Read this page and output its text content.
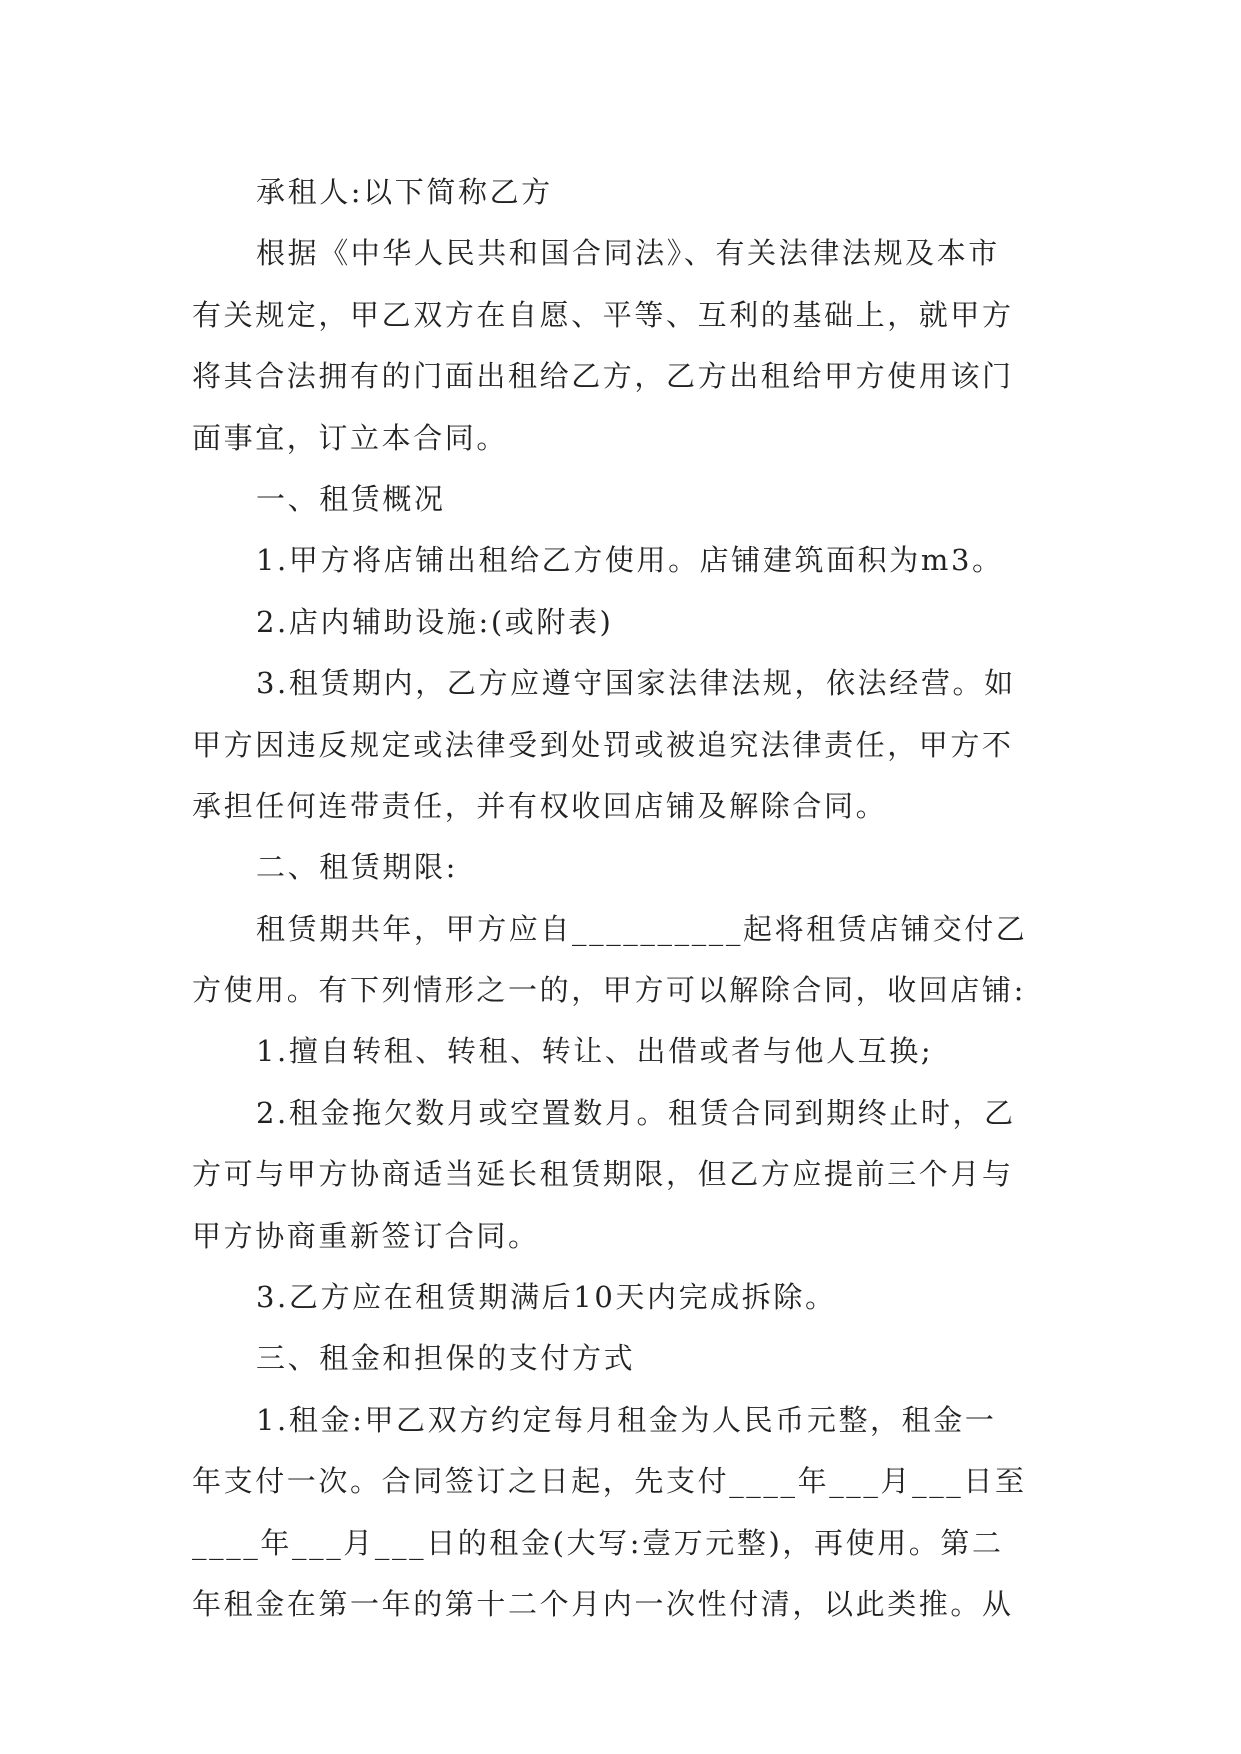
承租人:以下简称乙方
根据《中华人民共和国合同法》、有关法律法规及本市
有关规定，甲乙双方在自愿、平等、互利的基础上，就甲方
将其合法拥有的门面出租给乙方，乙方出租给甲方使用该门
面事宜，订立本合同。
一、租赁概况
1.甲方将店铺出租给乙方使用。店铺建筑面积为m3。
2.店内辅助设施:(或附表)
3.租赁期内，乙方应遵守国家法律法规，依法经营。如
甲方因违反规定或法律受到处罚或被追究法律责任，甲方不
承担任何连带责任，并有权收回店铺及解除合同。
二、租赁期限:
租赁期共年，甲方应自__________起将租赁店铺交付乙
方使用。有下列情形之一的，甲方可以解除合同，收回店铺:
1.擅自转租、转租、转让、出借或者与他人互换;
2.租金拖欠数月或空置数月。租赁合同到期终止时，乙
方可与甲方协商适当延长租赁期限，但乙方应提前三个月与
甲方协商重新签订合同。
3.乙方应在租赁期满后10天内完成拆除。
三、租金和担保的支付方式
1.租金:甲乙双方约定每月租金为人民币元整，租金一
年支付一次。合同签订之日起，先支付____年___月___日至
____年___月___日的租金(大写:壹万元整)，再使用。第二
年租金在第一年的第十二个月内一次性付清，以此类推。从
